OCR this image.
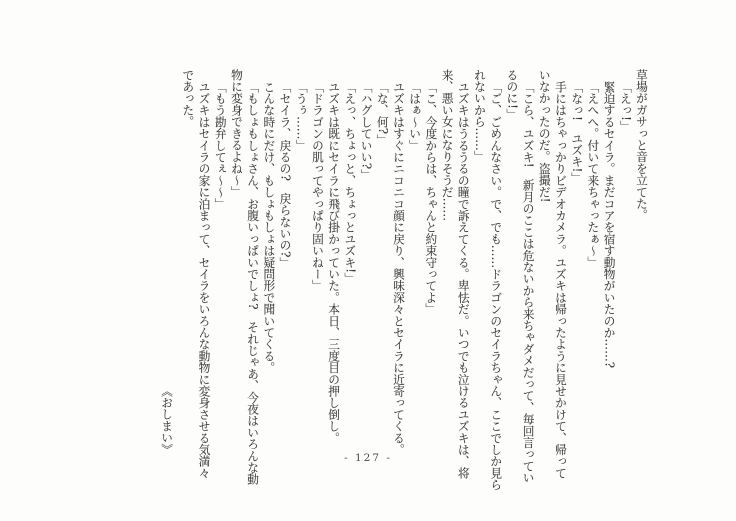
草場がガサっと音を立てた。

「えっ!」

緊迫するセイラ。まだコアを宿す動物がいたのか……?

「えへへ。付いて来ちゃったぁ〜」

「なっ!　ユズキ!」

手にはちゃっかりビデオカメラ。ユズキは帰ったように見せかけて、帰って

いなかったのだ。盗撮だ!

「こら、ユズキ!　新月のここは危ないから来ちゃダメだって、毎回言ってい

るのに!」

「ご、ごめんなさい。で、でも……ドラゴンのセイラちゃん、ここでしか見ら

れないから……」

ユズキはうるうるの瞳で訴えてくる。卑怯だ。いつでも泣けるユズキは、将

来、悪い女になりそうだ……

「こ、今度からは、ちゃんと約束守ってよ」

「はぁ〜い」

ユズキはすぐにニコニコ顔に戻り、興味深々とセイラに近寄ってくる。

「な、何?」

「ハグしていい?」

「えっ、ちょっと、ちょっとユズキ!」

ユズキは既にセイラに飛び掛かっていた。本日、三度目の押し倒し。

「ドラゴンの肌ってやっぱり固いねー」

「うぅ……」

「セイラ、戻るの?　戻らないの?」

こんな時にだけ、もしょもしょは疑問形で聞いてくる。

「もしょもしょさん、お腹いっぱいでしょ?　それじゃあ、今夜はいろんな動

物に変身できるよね〜」

「もう勘弁してぇ〜〜」

ユズキはセイラの家に泊まって、セイラをいろんな動物に変身させる気満々

であった。

《おしまい》

- 127 -
